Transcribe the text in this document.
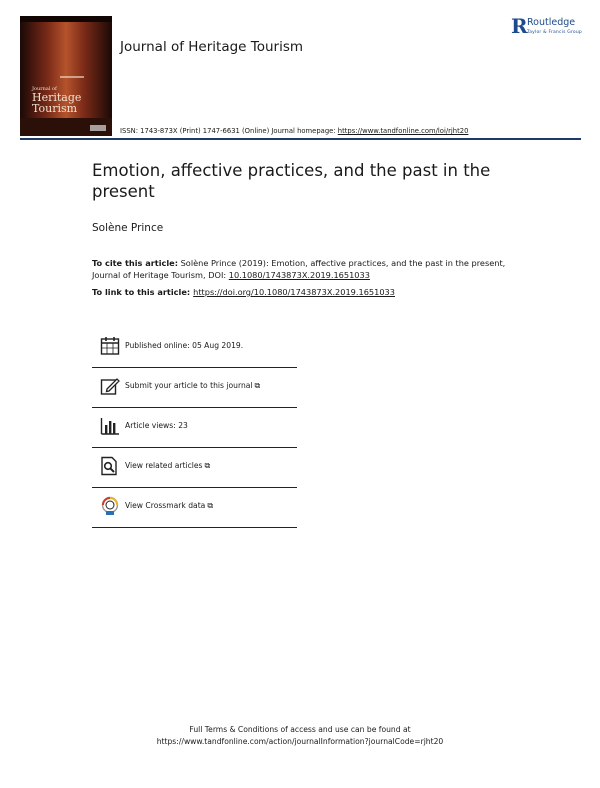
Journal of
Heritage
Tourism
Journal of Heritage Tourism
R Routledge
Taylor & Francis Group
ISSN: 1743-873X (Print) 1747-6631 (Online) Journal homepage: https://www.tandfonline.com/loi/rjht20
Emotion, affective practices, and the past in the present
Solène Prince
To cite this article: Solène Prince (2019): Emotion, affective practices, and the past in the present, Journal of Heritage Tourism, DOI: 10.1080/1743873X.2019.1651033
To link to this article: https://doi.org/10.1080/1743873X.2019.1651033
Published online: 05 Aug 2019.
Submit your article to this journal ⧉
Article views: 23
View related articles ⧉
View Crossmark data ⧉
Full Terms & Conditions of access and use can be found at
https://www.tandfonline.com/action/journalInformation?journalCode=rjht20
